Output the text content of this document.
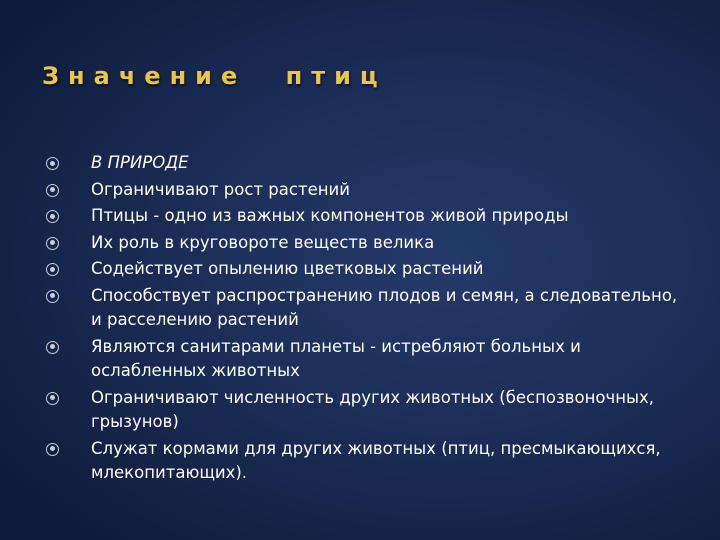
Значение птиц
В ПРИРОДЕ
Ограничивают рост растений
Птицы - одно из важных компонентов живой природы
Их роль в круговороте веществ велика
Содействует опылению цветковых растений
Способствует распространению плодов и семян, а следовательно, и расселению растений
Являются санитарами планеты - истребляют больных и ослабленных животных
Ограничивают численность других животных (беспозвоночных, грызунов)
Служат кормами для других животных (птиц, пресмыкающихся, млекопитающих).
